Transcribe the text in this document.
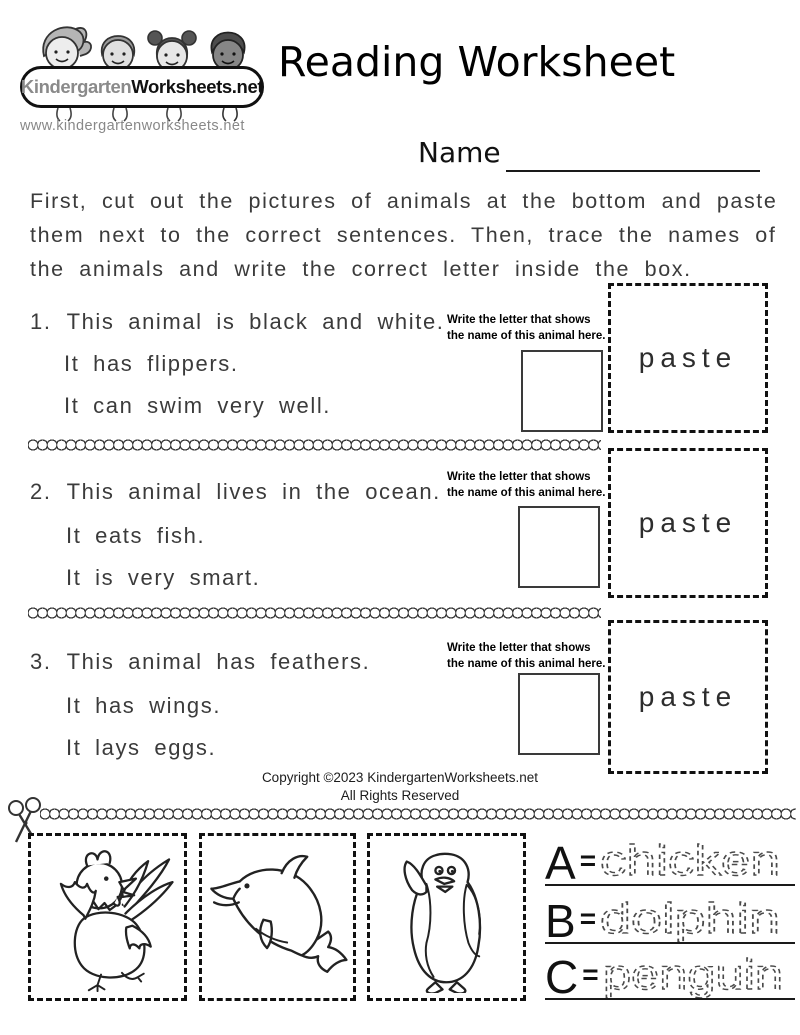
Kindergarten Worksheets.net
www.kindergartenworksheets.net
Reading Worksheet
Name
First, cut out the pictures of animals at the bottom and paste
them next to the correct sentences. Then, trace the names of
the animals and write the correct letter inside the box.
1. This animal is black and white.
It has flippers.
It can swim very well.
Write the letter that shows
the name of this animal here.
paste
2. This animal lives in the ocean.
It eats fish.
It is very smart.
Write the letter that shows
the name of this animal here.
paste
3. This animal has feathers.
It has wings.
It lays eggs.
Write the letter that shows
the name of this animal here.
paste
Copyright ©2023 KindergartenWorksheets.net
All Rights Reserved
A = chicken
B = dolphin
C = penguin
